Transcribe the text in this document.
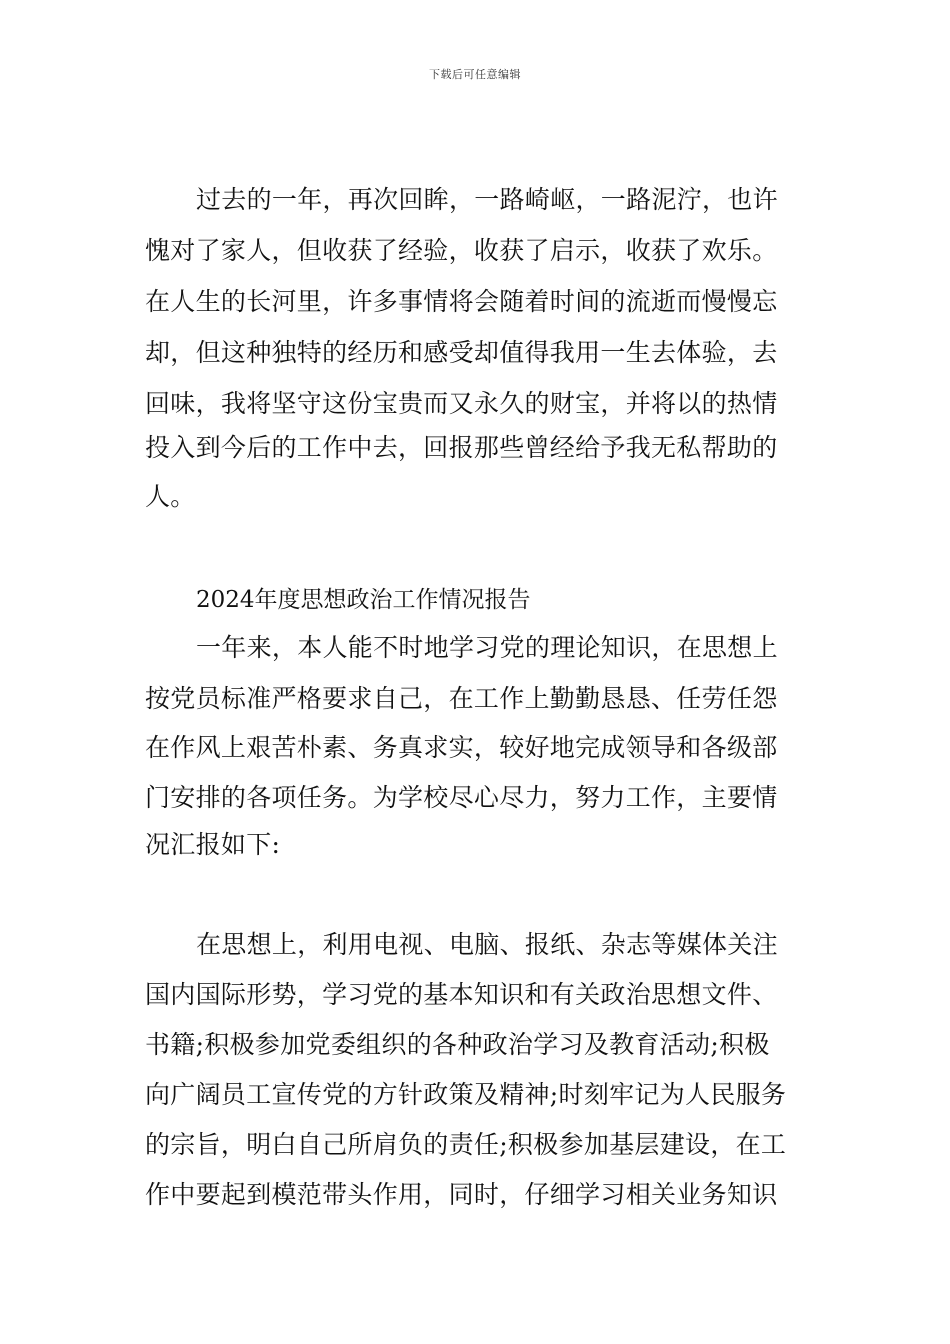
下载后可任意编辑
过去的一年，再次回眸，一路崎岖，一路泥泞，也许
愧对了家人，但收获了经验，收获了启示，收获了欢乐。
在人生的长河里，许多事情将会随着时间的流逝而慢慢忘
却，但这种独特的经历和感受却值得我用一生去体验，去
回味，我将坚守这份宝贵而又永久的财宝，并将以的热情
投入到今后的工作中去，回报那些曾经给予我无私帮助的
人。
2024年度思想政治工作情况报告
一年来，本人能不时地学习党的理论知识，在思想上
按党员标准严格要求自己，在工作上勤勤恳恳、任劳任怨
在作风上艰苦朴素、务真求实，较好地完成领导和各级部
门安排的各项任务。为学校尽心尽力，努力工作，主要情
况汇报如下:
在思想上，利用电视、电脑、报纸、杂志等媒体关注
国内国际形势，学习党的基本知识和有关政治思想文件、
书籍;积极参加党委组织的各种政治学习及教育活动;积极
向广阔员工宣传党的方针政策及精神;时刻牢记为人民服务
的宗旨，明白自己所肩负的责任;积极参加基层建设，在工
作中要起到模范带头作用，同时，仔细学习相关业务知识
